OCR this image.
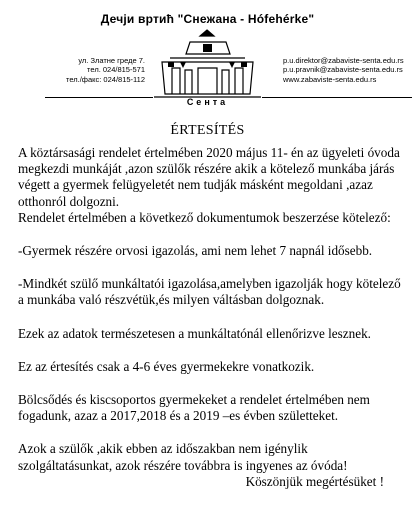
Дечји вртић "Снежана - Hófehérke"
ул. Златне греде 7.
тел. 024/815-571
тел./факс: 024/815-112
p.u.direktor@zabaviste-senta.edu.rs
p.u.pravnik@zabaviste-senta.edu.rs
www.zabaviste-senta.edu.rs
Сента
ÉRTESÍTÉS

A köztársasági rendelet értelmében 2020 május 11- én az ügyeleti óvoda megkezdi munkáját ,azon szülők részére akik a kötelező munkába járás végett a gyermek felügyeletét nem tudják másként megoldani ,azaz otthonról dolgozni.

Rendelet értelmében a következő dokumentumok beszerzése kötelező:

-Gyermek részére orvosi igazolás, ami nem lehet 7 napnál idősebb.

-Mindkét szülő munkáltatói igazolása,amelyben igazolják hogy kötelező a munkába való részvétük,és milyen váltásban dolgoznak.

Ezek az adatok természetesen a munkáltatónál ellenőrizve lesznek.

Ez az értesítés csak a 4-6 éves gyermekekre vonatkozik.

Bölcsődés és kiscsoportos gyermekeket a rendelet értelmében nem fogadunk, azaz a 2017,2018 és a 2019 –es évben születteket.

Azok a szülők ,akik ebben az időszakban nem igénylik szolgáltatásunkat, azok részére továbbra is ingyenes az óvóda!

Köszönjük megértésüket !
